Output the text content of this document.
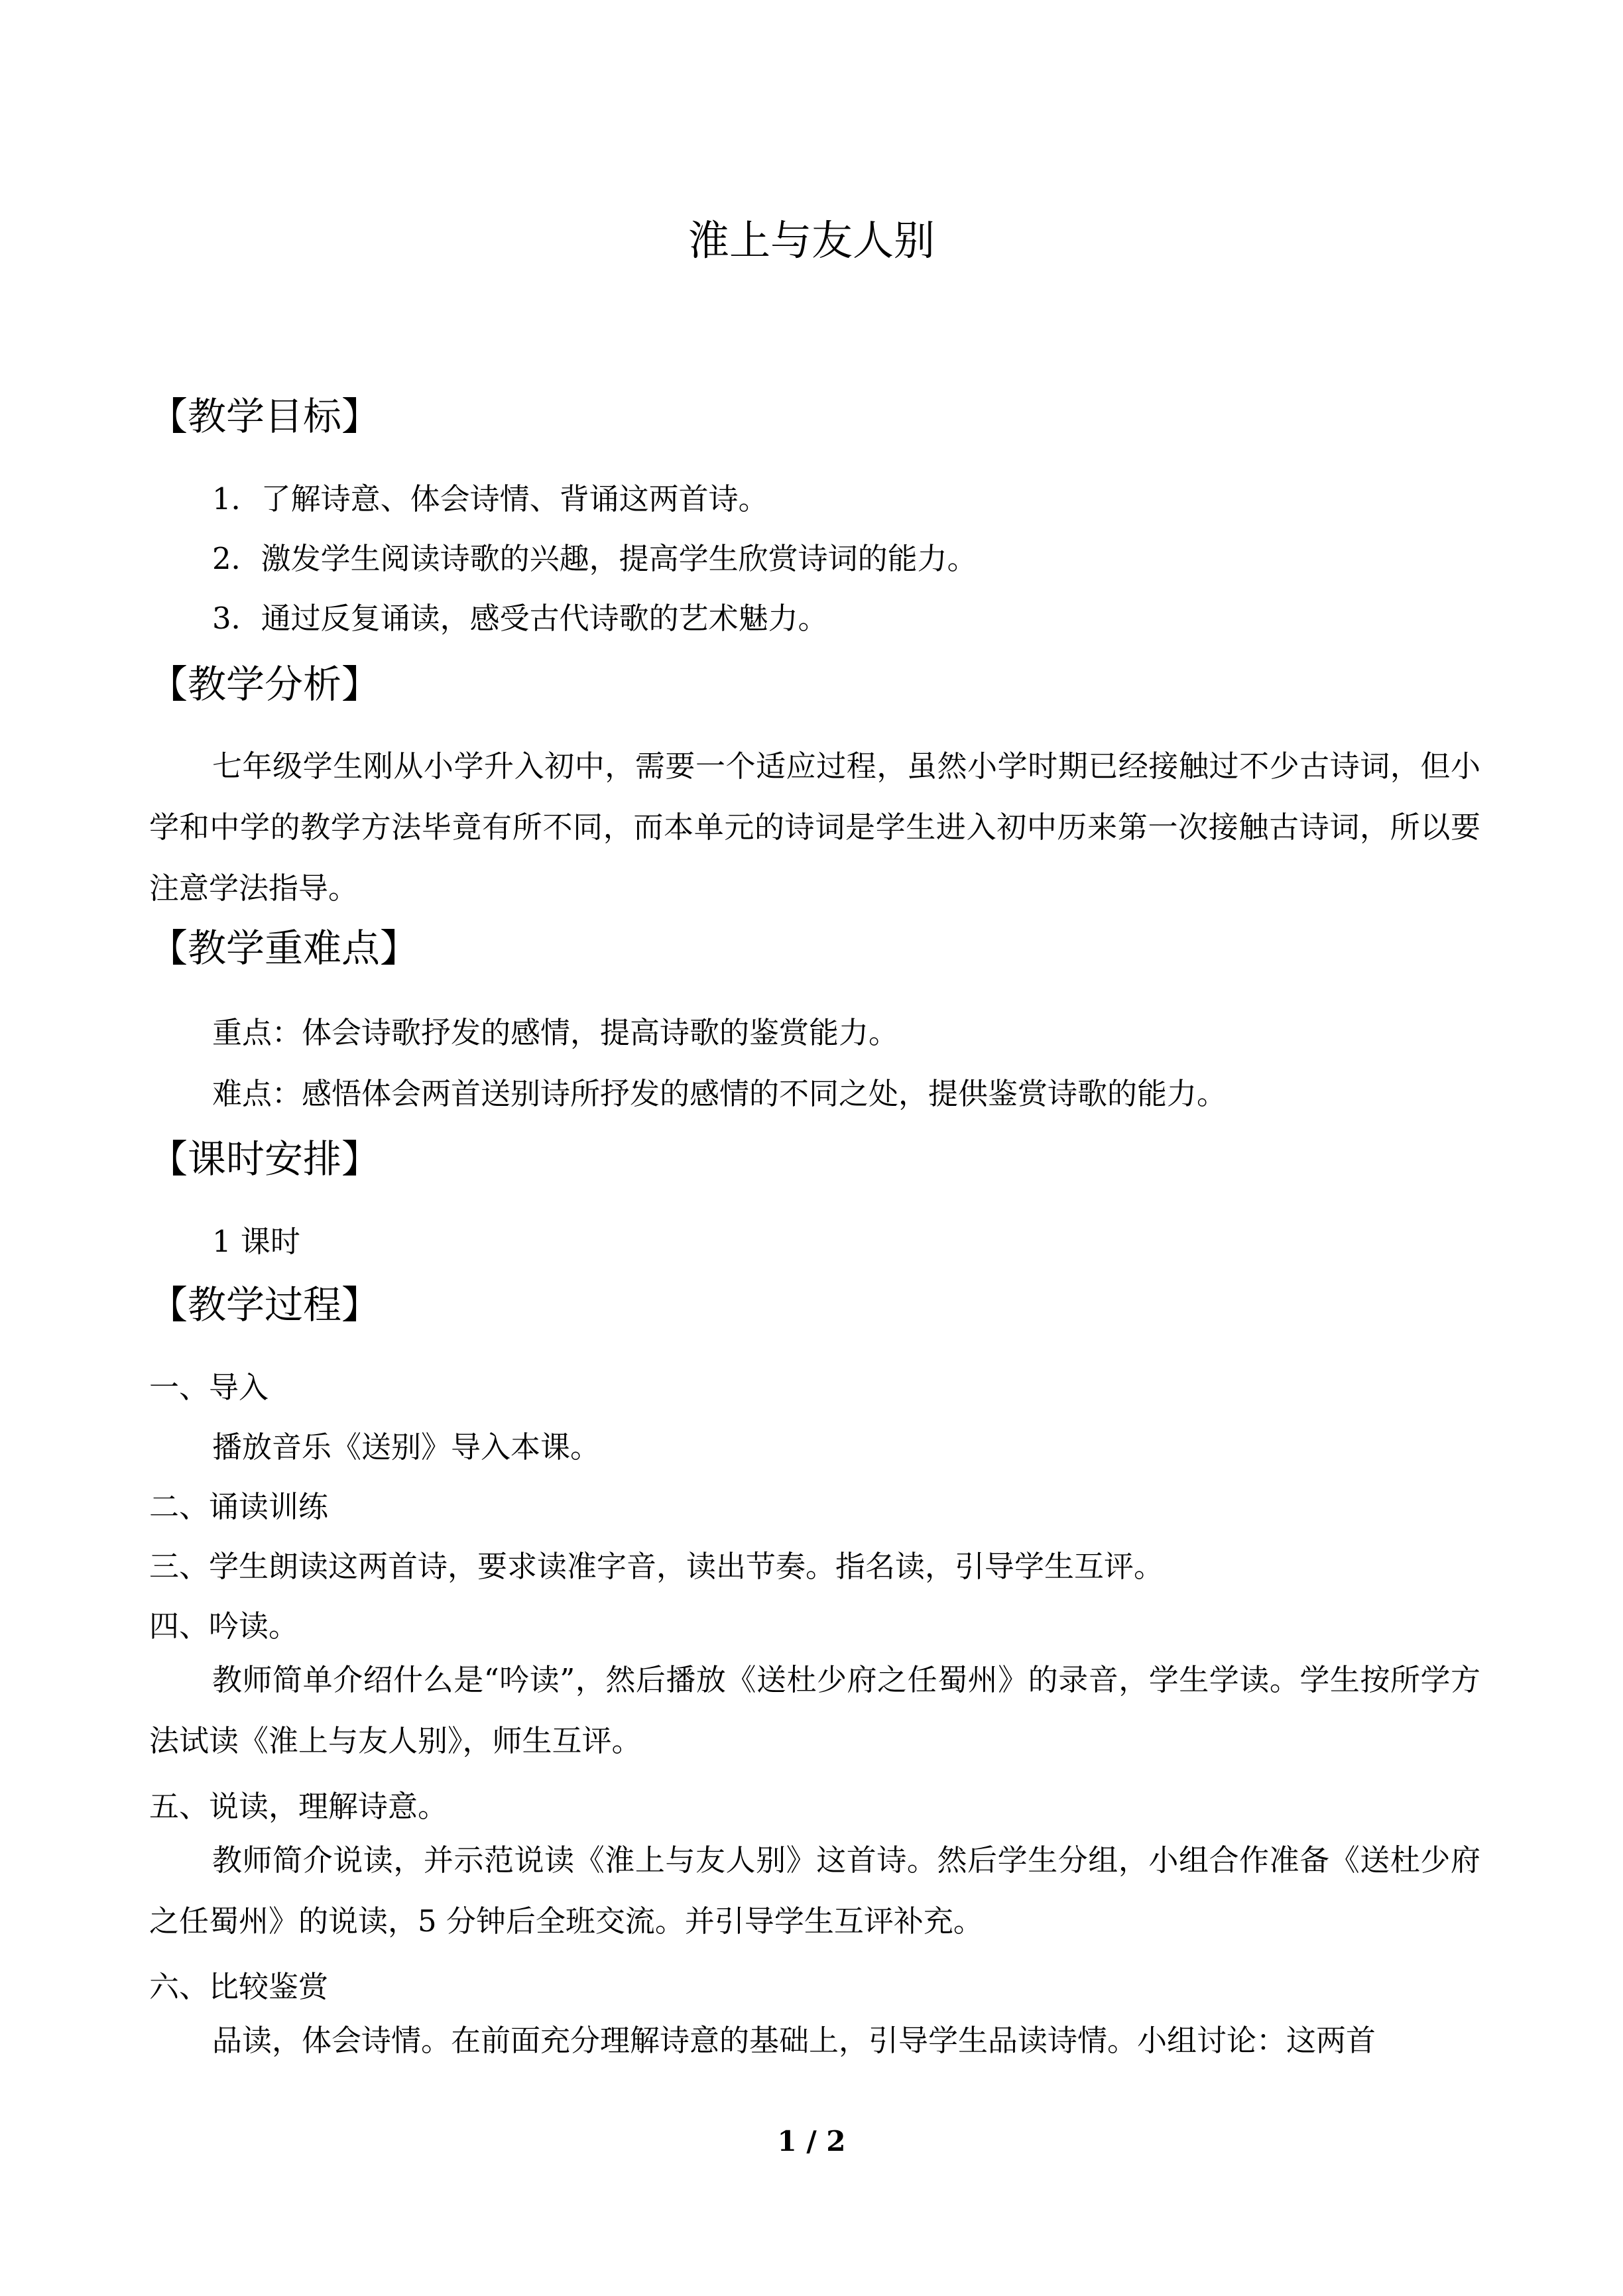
淮上与友人别
【教学目标】
1．了解诗意、体会诗情、背诵这两首诗。
2．激发学生阅读诗歌的兴趣，提高学生欣赏诗词的能力。
3．通过反复诵读，感受古代诗歌的艺术魅力。
【教学分析】
七年级学生刚从小学升入初中，需要一个适应过程，虽然小学时期已经接触过不少古诗词，但小学和中学的教学方法毕竟有所不同，而本单元的诗词是学生进入初中历来第一次接触古诗词，所以要注意学法指导。
【教学重难点】
重点：体会诗歌抒发的感情，提高诗歌的鉴赏能力。
难点：感悟体会两首送别诗所抒发的感情的不同之处，提供鉴赏诗歌的能力。
【课时安排】
1 课时
【教学过程】
一、导入
播放音乐《送别》导入本课。
二、诵读训练
三、学生朗读这两首诗，要求读准字音，读出节奏。指名读，引导学生互评。
四、吟读。
教师简单介绍什么是“吟读”，然后播放《送杜少府之任蜀州》的录音，学生学读。学生按所学方法试读《淮上与友人别》，师生互评。
五、说读，理解诗意。
教师简介说读，并示范说读《淮上与友人别》这首诗。然后学生分组，小组合作准备《送杜少府之任蜀州》的说读，5 分钟后全班交流。并引导学生互评补充。
六、比较鉴赏
品读，体会诗情。在前面充分理解诗意的基础上，引导学生品读诗情。小组讨论：这两首
1 / 2
